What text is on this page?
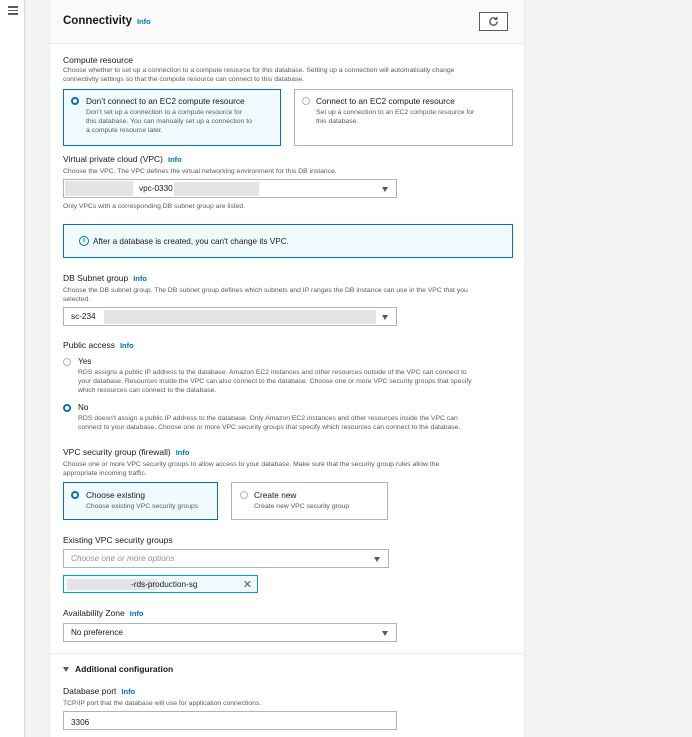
Connectivity Info
Compute resource
Choose whether to set up a connection to a compute resource for this database. Setting up a connection will automatically change
connectivity settings so that the compute resource can connect to this database.
Don’t connect to an EC2 compute resource
Don’t set up a connection to a compute resource for
this database. You can manually set up a connection to
a compute resource later.
Connect to an EC2 compute resource
Set up a connection to an EC2 compute resource for
this database.
Virtual private cloud (VPC) Info
Choose the VPC. The VPC defines the virtual networking environment for this DB instance.
vpc-0330
Only VPCs with a corresponding DB subnet group are listed.
i After a database is created, you can't change its VPC.
DB Subnet group Info
Choose the DB subnet group. The DB subnet group defines which subnets and IP ranges the DB instance can use in the VPC that you
selected.
sc-234
Public access Info
Yes
RDS assigns a public IP address to the database. Amazon EC2 instances and other resources outside of the VPC can connect to
your database. Resources inside the VPC can also connect to the database. Choose one or more VPC security groups that specify
which resources can connect to the database.
No
RDS doesn't assign a public IP address to the database. Only Amazon EC2 instances and other resources inside the VPC can
connect to your database. Choose one or more VPC security groups that specify which resources can connect to the database.
VPC security group (firewall) Info
Choose one or more VPC security groups to allow access to your database. Make sure that the security group rules allow the
appropriate incoming traffic.
Choose existing
Choose existing VPC security groups
Create new
Create new VPC security group
Existing VPC security groups
Choose one or more options
-rds-production-sg	✕
Availability Zone Info
No preference
Additional configuration
Database port Info
TCP/IP port that the database will use for application connections.
3306
